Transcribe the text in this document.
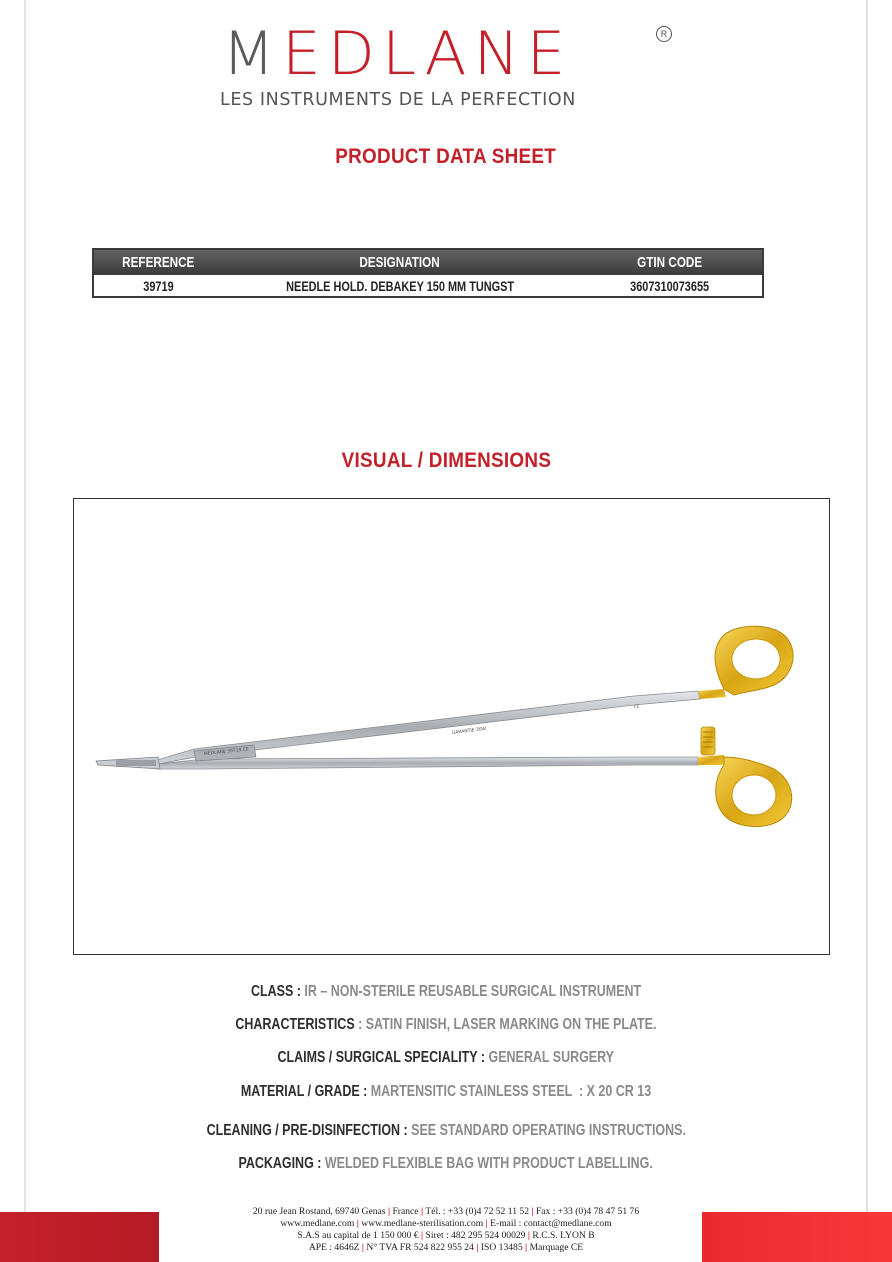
MEDLANE	R

LES INSTRUMENTS DE LA PERFECTION

PRODUCT DATA SHEET
REFERENCE	DESIGNATION	GTIN CODE
39719	NEEDLE HOLD. DEBAKEY 150 MM TUNGST	3607310073655
VISUAL / DIMENSIONS
GARANTIE 30W
MEDLANE 39719 CE
CE
CLASS : IR – NON-STERILE REUSABLE SURGICAL INSTRUMENT
CHARACTERISTICS : SATIN FINISH, LASER MARKING ON THE PLATE.
CLAIMS / SURGICAL SPECIALITY : GENERAL SURGERY
MATERIAL / GRADE : MARTENSITIC STAINLESS STEEL  : X 20 CR 13
CLEANING / PRE-DISINFECTION : SEE STANDARD OPERATING INSTRUCTIONS.
PACKAGING : WELDED FLEXIBLE BAG WITH PRODUCT LABELLING.
20 rue Jean Rostand, 69740 Genas | France | Tél. : +33 (0)4 72 52 11 52 | Fax : +33 (0)4 78 47 51 76
www.medlane.com | www.medlane-sterilisation.com | E-mail : contact@medlane.com
S.A.S au capital de 1 150 000 € | Siret : 482 295 524 00029 | R.C.S. LYON B
APE : 4646Z | N° TVA FR 524 822 955 24 | ISO 13485 | Marquage CE
